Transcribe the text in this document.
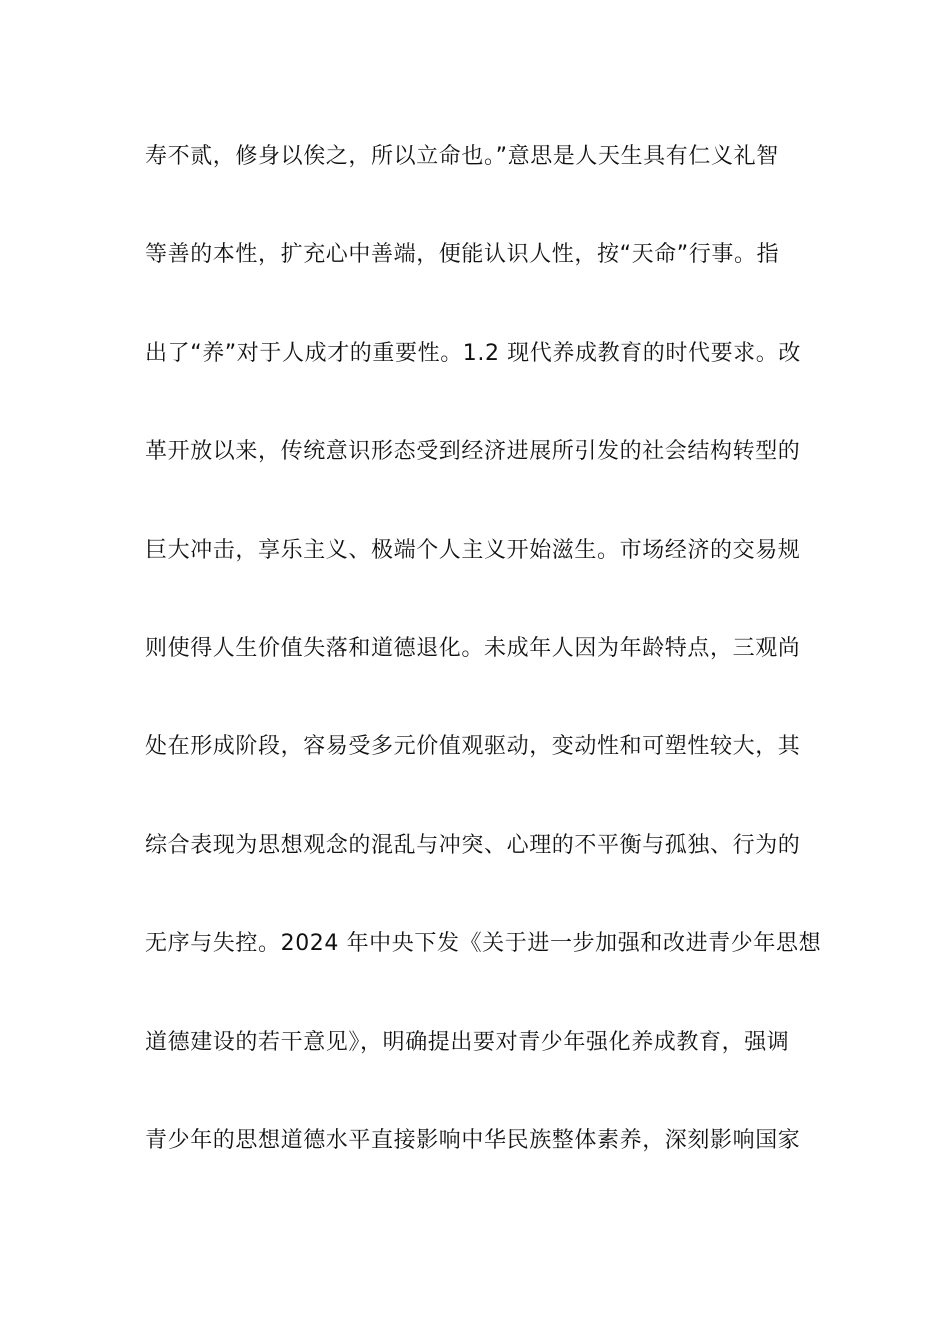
寿不贰，修身以俟之，所以立命也。”意思是人天生具有仁义礼智
等善的本性，扩充心中善端，便能认识人性，按“天命”行事。指
出了“养”对于人成才的重要性。1.2 现代养成教育的时代要求。改
革开放以来，传统意识形态受到经济进展所引发的社会结构转型的
巨大冲击，享乐主义、极端个人主义开始滋生。市场经济的交易规
则使得人生价值失落和道德退化。未成年人因为年龄特点，三观尚
处在形成阶段，容易受多元价值观驱动，变动性和可塑性较大，其
综合表现为思想观念的混乱与冲突、心理的不平衡与孤独、行为的
无序与失控。2024 年中央下发《关于进一步加强和改进青少年思想
道德建设的若干意见》，明确提出要对青少年强化养成教育，强调
青少年的思想道德水平直接影响中华民族整体素养，深刻影响国家
